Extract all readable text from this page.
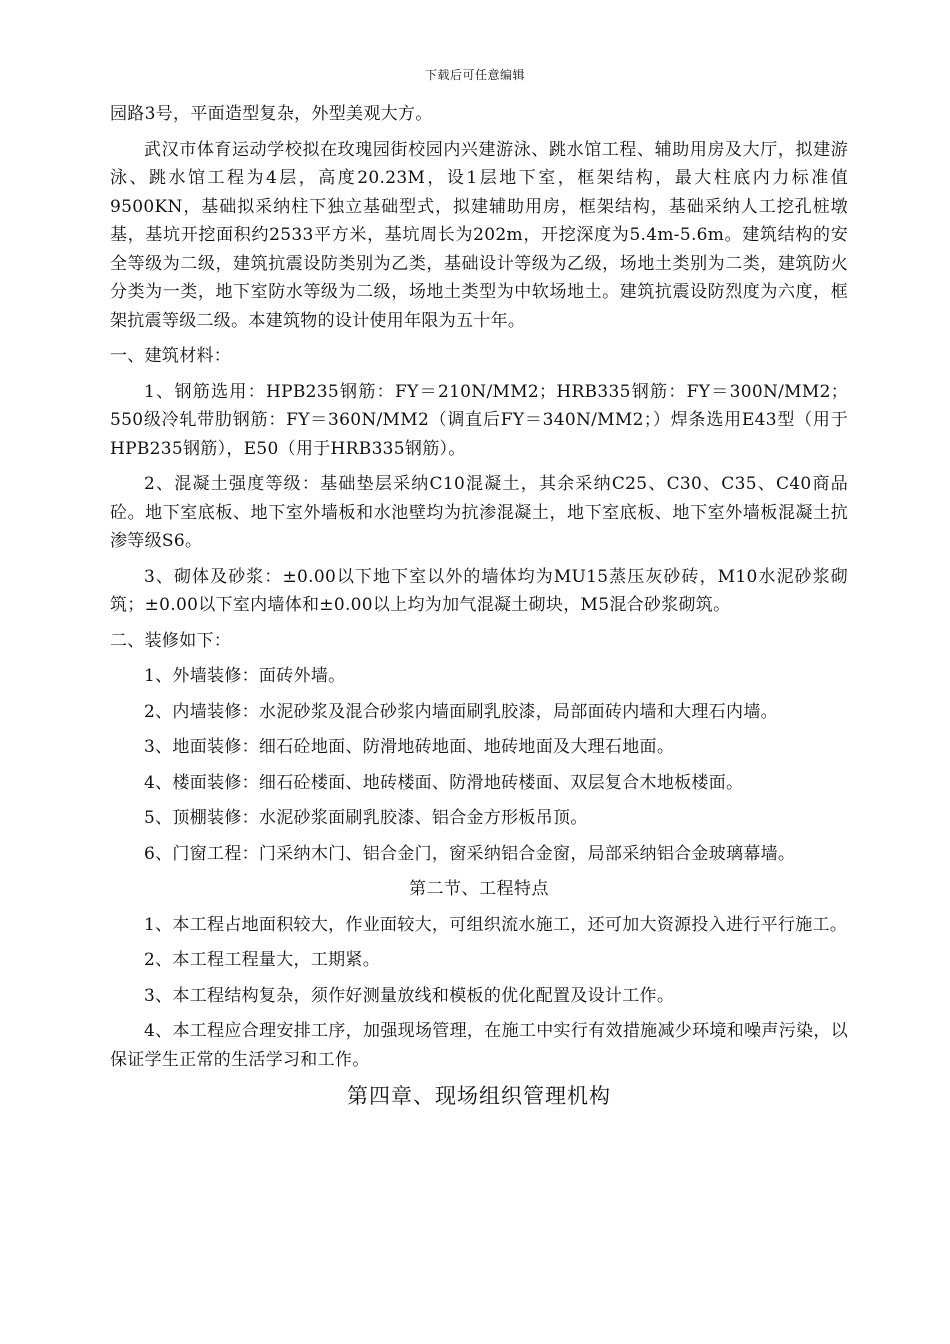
下载后可任意编辑

园路3号，平面造型复杂，外型美观大方。

武汉市体育运动学校拟在玫瑰园街校园内兴建游泳、跳水馆工程、辅助用房及大厅，拟建游泳、跳水馆工程为4层，高度20.23M，设1层地下室，框架结构，最大柱底内力标准值9500KN，基础拟采纳柱下独立基础型式，拟建辅助用房，框架结构，基础采纳人工挖孔桩墩基，基坑开挖面积约2533平方米，基坑周长为202m，开挖深度为5.4m-5.6m。建筑结构的安全等级为二级，建筑抗震设防类别为乙类，基础设计等级为乙级，场地土类别为二类，建筑防火分类为一类，地下室防水等级为二级，场地土类型为中软场地土。建筑抗震设防烈度为六度，框架抗震等级二级。本建筑物的设计使用年限为五十年。

一、建筑材料：

1、钢筋选用：HPB235钢筋：FY＝210N/MM2；HRB335钢筋：FY＝300N/MM2；550级冷轧带肋钢筋：FY＝360N/MM2（调直后FY＝340N/MM2；）焊条选用E43型（用于HPB235钢筋），E50（用于HRB335钢筋）。

2、混凝土强度等级：基础垫层采纳C10混凝土，其余采纳C25、C30、C35、C40商品砼。地下室底板、地下室外墙板和水池壁均为抗渗混凝土，地下室底板、地下室外墙板混凝土抗渗等级S6。

3、砌体及砂浆：±0.00以下地下室以外的墙体均为MU15蒸压灰砂砖，M10水泥砂浆砌筑；±0.00以下室内墙体和±0.00以上均为加气混凝土砌块，M5混合砂浆砌筑。

二、装修如下：

1、外墙装修：面砖外墙。

2、内墙装修：水泥砂浆及混合砂浆内墙面刷乳胶漆，局部面砖内墙和大理石内墙。

3、地面装修：细石砼地面、防滑地砖地面、地砖地面及大理石地面。

4、楼面装修：细石砼楼面、地砖楼面、防滑地砖楼面、双层复合木地板楼面。

5、顶棚装修：水泥砂浆面刷乳胶漆、铝合金方形板吊顶。

6、门窗工程：门采纳木门、铝合金门，窗采纳铝合金窗，局部采纳铝合金玻璃幕墙。

第二节、工程特点

1、本工程占地面积较大，作业面较大，可组织流水施工，还可加大资源投入进行平行施工。

2、本工程工程量大，工期紧。

3、本工程结构复杂，须作好测量放线和模板的优化配置及设计工作。

4、本工程应合理安排工序，加强现场管理，在施工中实行有效措施减少环境和噪声污染，以保证学生正常的生活学习和工作。

第四章、现场组织管理机构
